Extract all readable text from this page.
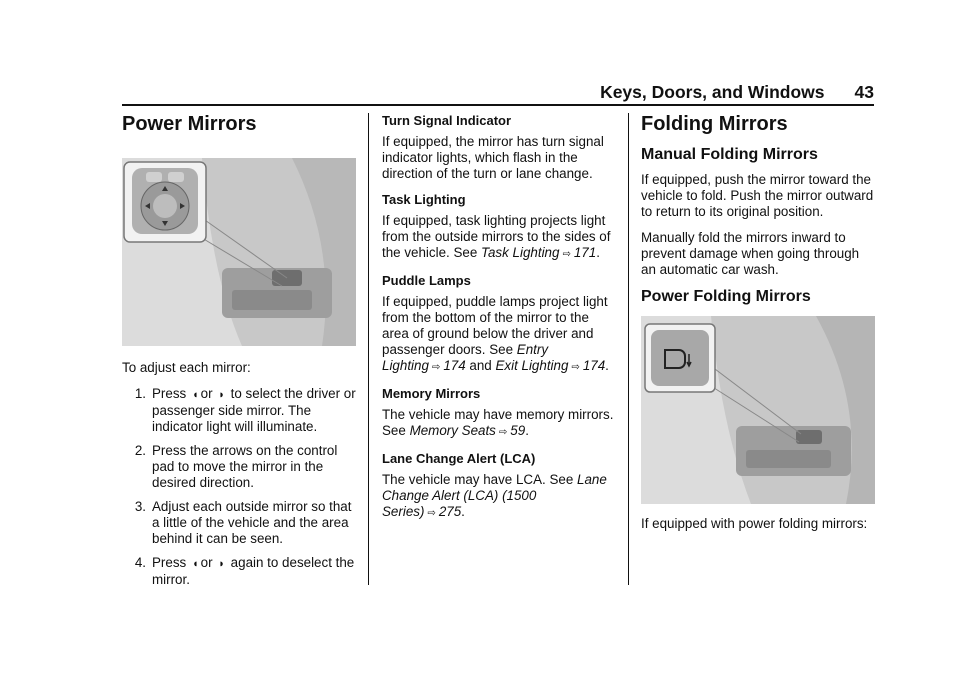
Keys, Doors, and Windows 43
Power Mirrors

To adjust each mirror:

1. Press ◖ or ◗ to select the driver or passenger side mirror. The indicator light will illuminate.
2. Press the arrows on the control pad to move the mirror in the desired direction.
3. Adjust each outside mirror so that a little of the vehicle and the area behind it can be seen.
4. Press ◖ or ◗ again to deselect the mirror.
Turn Signal Indicator

If equipped, the mirror has turn signal indicator lights, which flash in the direction of the turn or lane change.

Task Lighting

If equipped, task lighting projects light from the outside mirrors to the sides of the vehicle. See Task Lighting ⇨ 171.

Puddle Lamps

If equipped, puddle lamps project light from the bottom of the mirror to the area of ground below the driver and passenger doors. See Entry Lighting ⇨ 174 and Exit Lighting ⇨ 174.

Memory Mirrors

The vehicle may have memory mirrors. See Memory Seats ⇨ 59.

Lane Change Alert (LCA)

The vehicle may have LCA. See Lane Change Alert (LCA) (1500 Series) ⇨ 275.

Folding Mirrors
Manual Folding Mirrors

If equipped, push the mirror toward the vehicle to fold. Push the mirror outward to return to its original position.

Manually fold the mirrors inward to prevent damage when going through an automatic car wash.

Power Folding Mirrors

If equipped with power folding mirrors:
